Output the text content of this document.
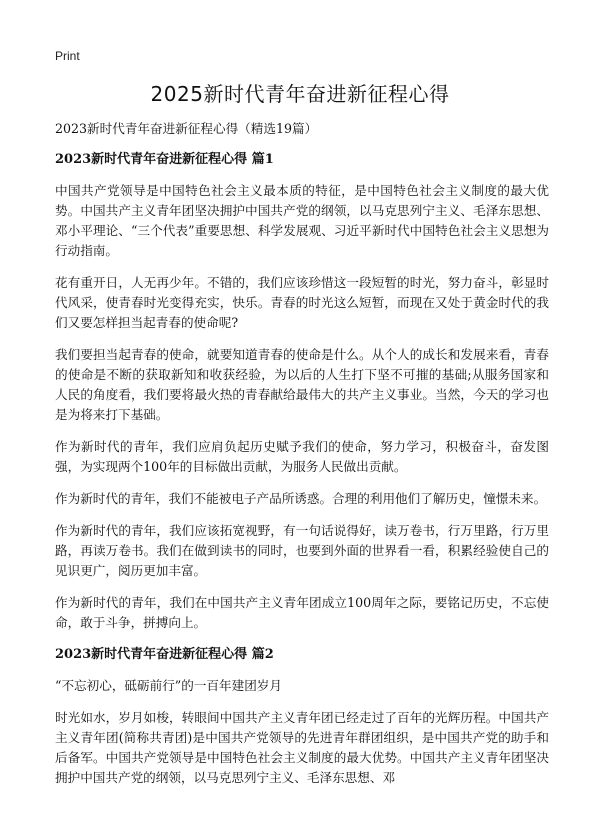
Print
2025新时代青年奋进新征程心得

2023新时代青年奋进新征程心得（精选19篇）

2023新时代青年奋进新征程心得 篇1

中国共产党领导是中国特色社会主义最本质的特征，是中国特色社会主义制度的最大优势。中国共产主义青年团坚决拥护中国共产党的纲领，以马克思列宁主义、毛泽东思想、邓小平理论、“三个代表”重要思想、科学发展观、习近平新时代中国特色社会主义思想为行动指南。

花有重开日，人无再少年。不错的，我们应该珍惜这一段短暂的时光，努力奋斗，彰显时代风采，使青春时光变得充实，快乐。青春的时光这么短暂，而现在又处于黄金时代的我们又要怎样担当起青春的使命呢?

我们要担当起青春的使命，就要知道青春的使命是什么。从个人的成长和发展来看，青春的使命是不断的获取新知和收获经验，为以后的人生打下坚不可摧的基础;从服务国家和人民的角度看，我们要将最火热的青春献给最伟大的共产主义事业。当然，今天的学习也是为将来打下基础。

作为新时代的青年，我们应肩负起历史赋予我们的使命，努力学习，积极奋斗，奋发图强，为实现两个100年的目标做出贡献，为服务人民做出贡献。

作为新时代的青年，我们不能被电子产品所诱惑。合理的利用他们了解历史，憧憬未来。

作为新时代的青年，我们应该拓宽视野，有一句话说得好，读万卷书，行万里路，行万里路，再读万卷书。我们在做到读书的同时，也要到外面的世界看一看，积累经验使自己的见识更广，阅历更加丰富。

作为新时代的青年，我们在中国共产主义青年团成立100周年之际，要铭记历史，不忘使命，敢于斗争，拼搏向上。

2023新时代青年奋进新征程心得 篇2

“不忘初心，砥砺前行”的一百年建团岁月

时光如水，岁月如梭，转眼间中国共产主义青年团已经走过了百年的光辉历程。中国共产主义青年团(简称共青团)是中国共产党领导的先进青年群团组织，是中国共产党的助手和后备军。中国共产党领导是中国特色社会主义制度的最大优势。中国共产主义青年团坚决拥护中国共产党的纲领，以马克思列宁主义、毛泽东思想、邓
